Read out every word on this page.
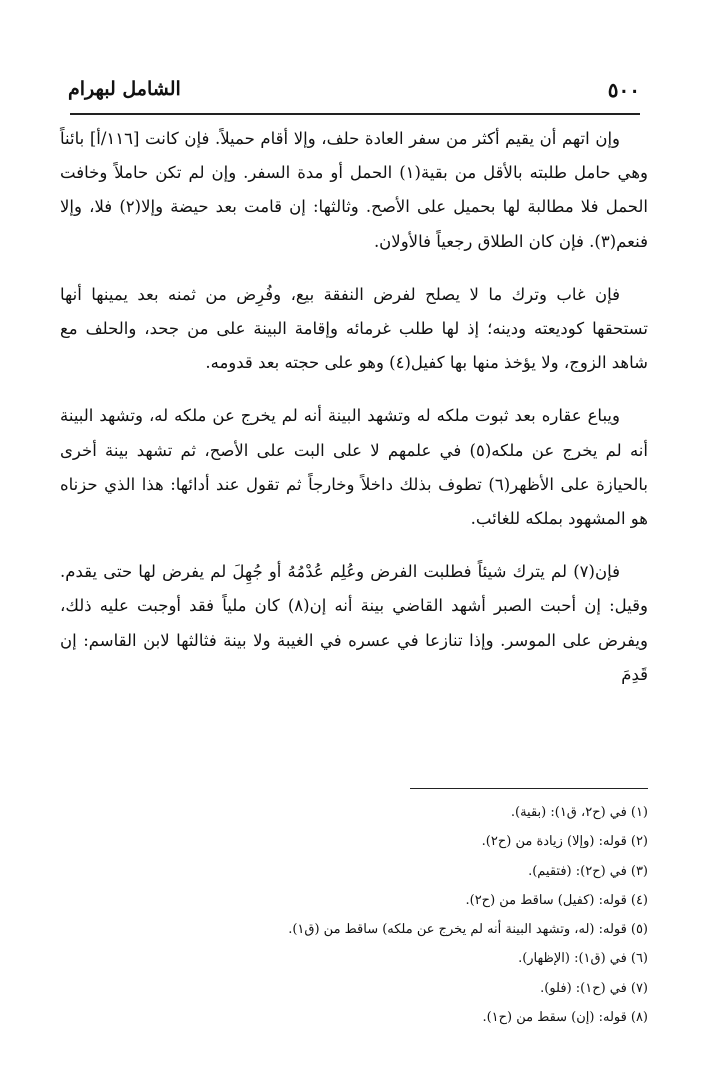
٥٠٠
الشامل لبهرام

وإن اتهم أن يقيم أكثر من سفر العادة حلف، وإلا أقام حميلاً. فإن كانت [١١٦/أ] بائناً وهي حامل طلبته بالأقل من بقية(١) الحمل أو مدة السفر. وإن لم تكن حاملاً وخافت الحمل فلا مطالبة لها بحميل على الأصح. وثالثها: إن قامت بعد حيضة وإلا(٢) فلا، وإلا فنعم(٣). فإن كان الطلاق رجعياً فالأولان.

فإن غاب وترك ما لا يصلح لفرض النفقة بيع، وفُرِض من ثمنه بعد يمينها أنها تستحقها كوديعته ودينه؛ إذ لها طلب غرمائه وإقامة البينة على من جحد، والحلف مع شاهد الزوج، ولا يؤخذ منها بها كفيل(٤) وهو على حجته بعد قدومه.

ويباع عقاره بعد ثبوت ملكه له وتشهد البينة أنه لم يخرج عن ملكه له، وتشهد البينة أنه لم يخرج عن ملكه(٥) في علمهم لا على البت على الأصح، ثم تشهد بينة أخرى بالحيازة على الأظهر(٦) تطوف بذلك داخلاً وخارجاً ثم تقول عند أدائها: هذا الذي حزناه هو المشهود بملكه للغائب.

فإن(٧) لم يترك شيئاً فطلبت الفرض وعُلِم عُدْمُهُ أو جُهِلَ لم يفرض لها حتى يقدم. وقيل: إن أحبت الصبر أشهد القاضي بينة أنه إن(٨) كان ملياً فقد أوجبت عليه ذلك، ويفرض على الموسر. وإذا تنازعا في عسره في الغيبة ولا بينة فثالثها لابن القاسم: إن قَدِمَ

(١)في (ح٢، ق١): (بقية).
(٢)قوله: (وإلا) زيادة من (ح٢).
(٣)في (ح٢): (فتقيم).
(٤)قوله: (كفيل) ساقط من (ح٢).
(٥)قوله: (له، وتشهد البينة أنه لم يخرج عن ملكه) ساقط من (ق١).
(٦)في (ق١): (الإظهار).
(٧)في (ح١): (فلو).
(٨)قوله: (إن) سقط من (ح١).
